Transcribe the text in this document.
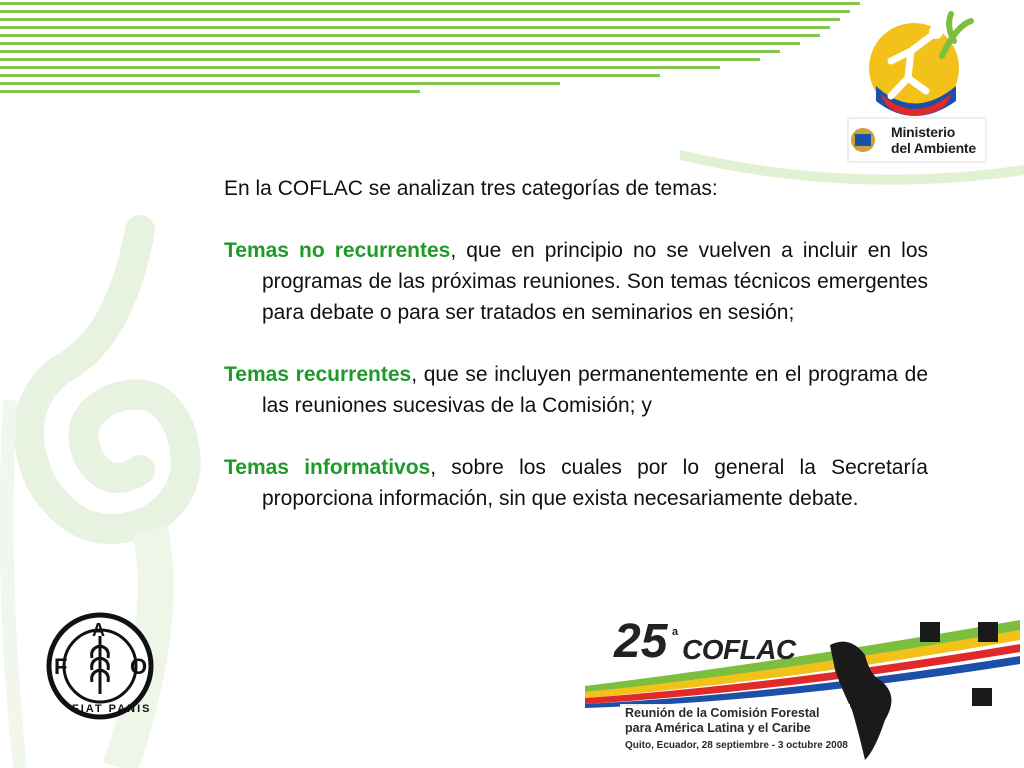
Ministerio
del Ambiente

En la COFLAC se analizan tres categorías de temas:

Temas no recurrentes, que en principio no se vuelven a incluir en los programas de las próximas reuniones. Son temas técnicos emergentes para debate o para ser tratados en seminarios en sesión;

Temas recurrentes, que se incluyen permanentemente en el programa de las reuniones sucesivas de la Comisión; y

Temas informativos, sobre los cuales por lo general la Secretaría proporciona información, sin que exista necesariamente debate.

F
A
O
FIAT PANIS
25 a
COFLAC
Reunión de la Comisión Forestal
para América Latina y el Caribe
Quito, Ecuador, 28 septiembre - 3 octubre 2008
